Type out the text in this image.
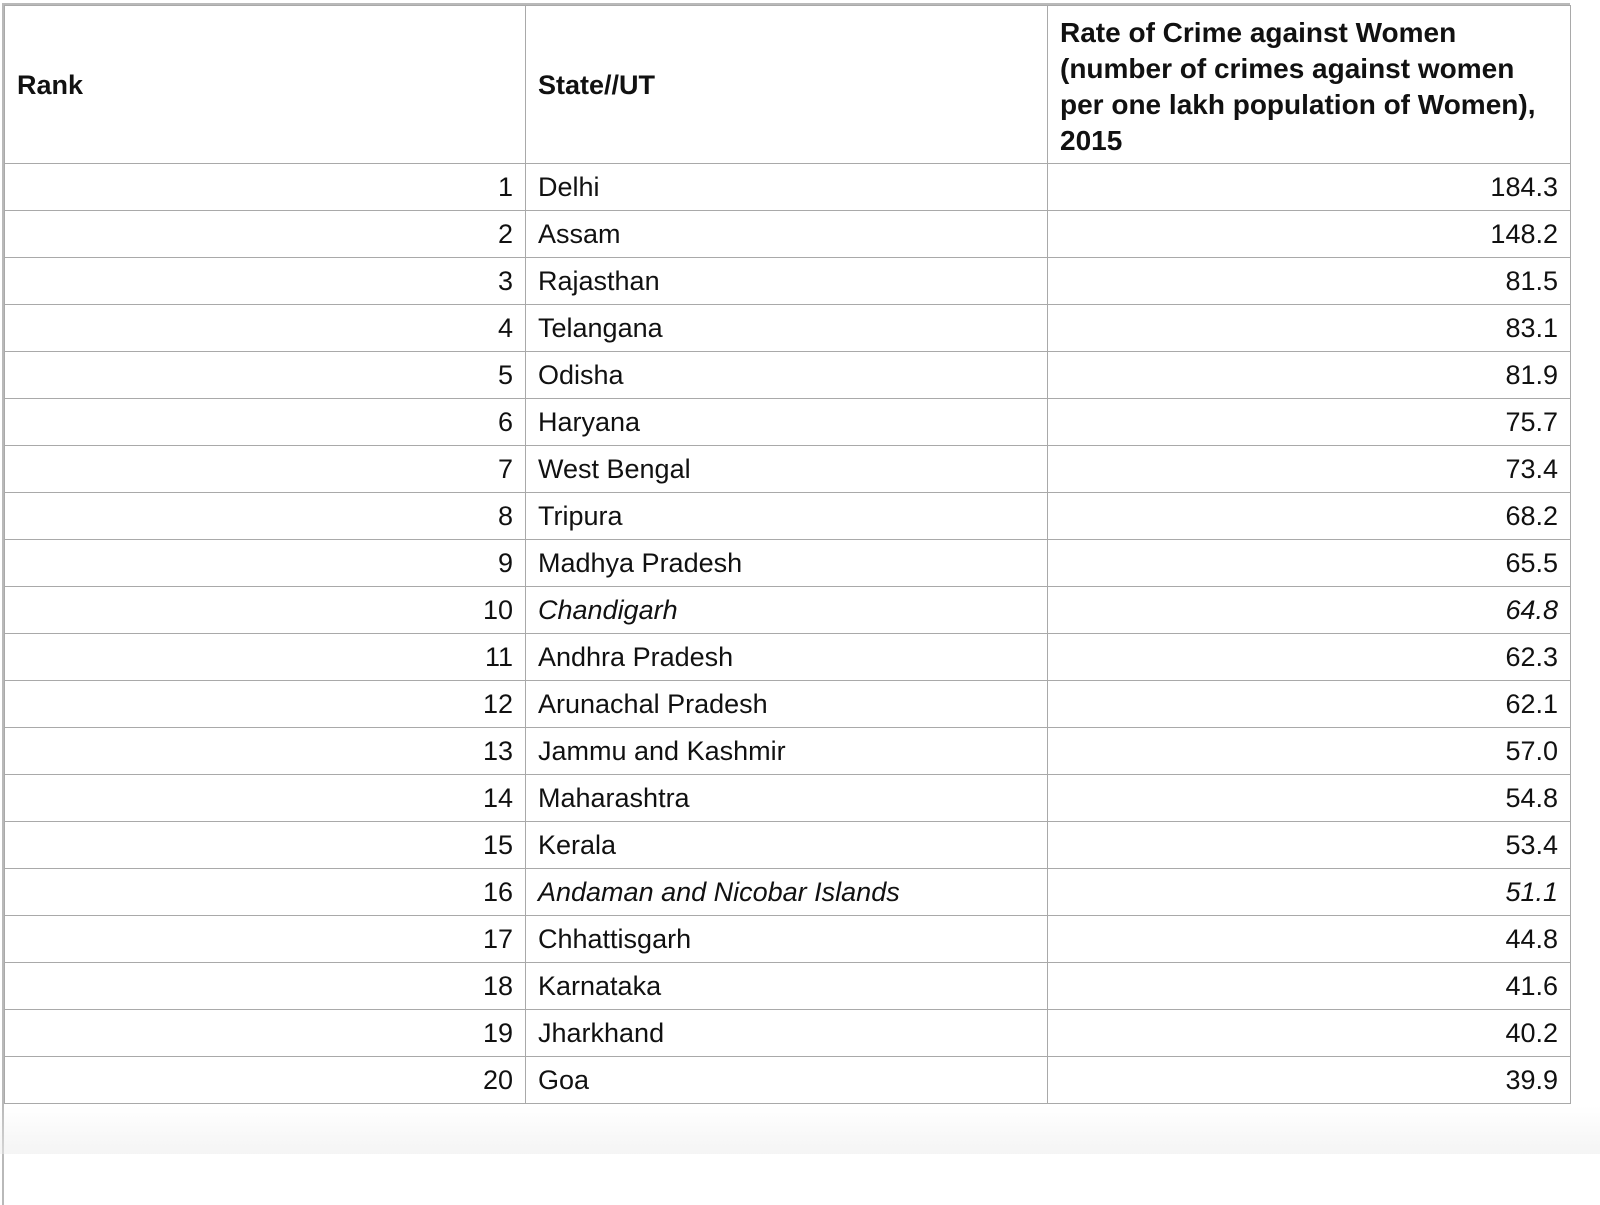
Rank	State//UT	Rate of Crime against Women (number of crimes against women per one lakh population of Women), 2015
1	Delhi	184.3
2	Assam	148.2
3	Rajasthan	81.5
4	Telangana	83.1
5	Odisha	81.9
6	Haryana	75.7
7	West Bengal	73.4
8	Tripura	68.2
9	Madhya Pradesh	65.5
10	Chandigarh	64.8
11	Andhra Pradesh	62.3
12	Arunachal Pradesh	62.1
13	Jammu and Kashmir	57.0
14	Maharashtra	54.8
15	Kerala	53.4
16	Andaman and Nicobar Islands	51.1
17	Chhattisgarh	44.8
18	Karnataka	41.6
19	Jharkhand	40.2
20	Goa	39.9
